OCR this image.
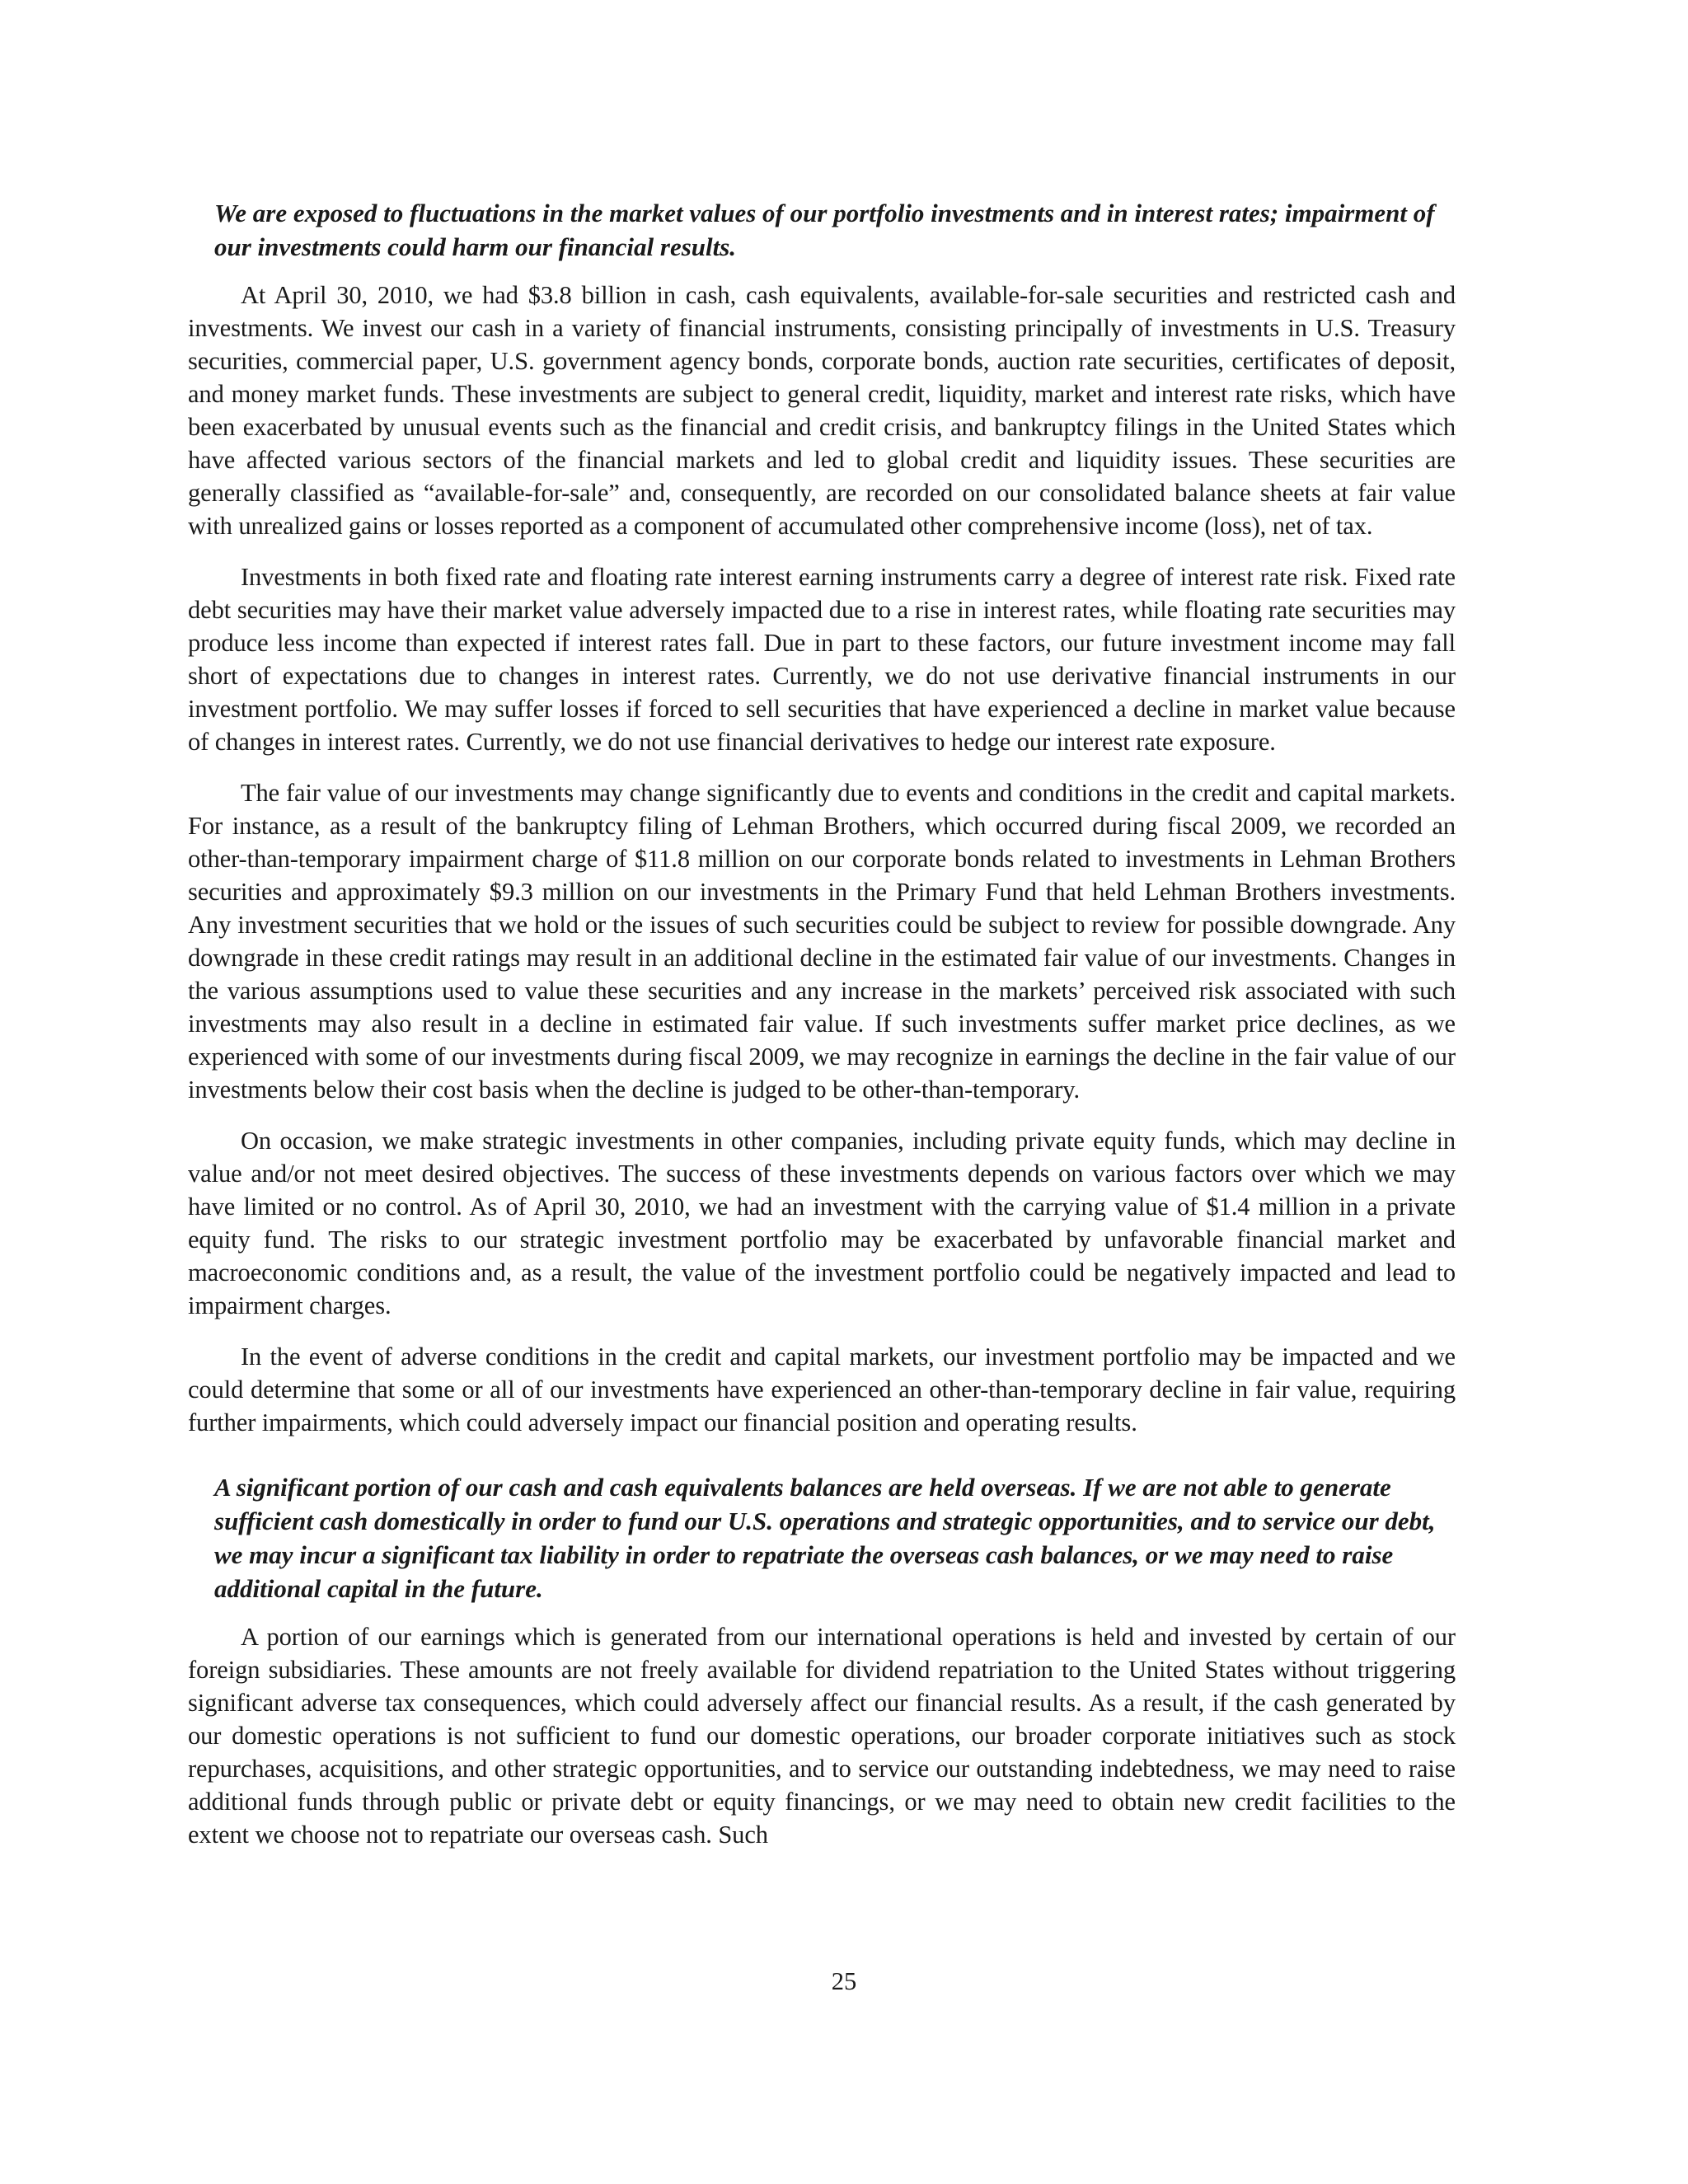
We are exposed to fluctuations in the market values of our portfolio investments and in interest rates; impairment of our investments could harm our financial results.

At April 30, 2010, we had $3.8 billion in cash, cash equivalents, available-for-sale securities and restricted cash and investments. We invest our cash in a variety of financial instruments, consisting principally of investments in U.S. Treasury securities, commercial paper, U.S. government agency bonds, corporate bonds, auction rate securities, certificates of deposit, and money market funds. These investments are subject to general credit, liquidity, market and interest rate risks, which have been exacerbated by unusual events such as the financial and credit crisis, and bankruptcy filings in the United States which have affected various sectors of the financial markets and led to global credit and liquidity issues. These securities are generally classified as “available-for-sale” and, consequently, are recorded on our consolidated balance sheets at fair value with unrealized gains or losses reported as a component of accumulated other comprehensive income (loss), net of tax.

Investments in both fixed rate and floating rate interest earning instruments carry a degree of interest rate risk. Fixed rate debt securities may have their market value adversely impacted due to a rise in interest rates, while floating rate securities may produce less income than expected if interest rates fall. Due in part to these factors, our future investment income may fall short of expectations due to changes in interest rates. Currently, we do not use derivative financial instruments in our investment portfolio. We may suffer losses if forced to sell securities that have experienced a decline in market value because of changes in interest rates. Currently, we do not use financial derivatives to hedge our interest rate exposure.

The fair value of our investments may change significantly due to events and conditions in the credit and capital markets. For instance, as a result of the bankruptcy filing of Lehman Brothers, which occurred during fiscal 2009, we recorded an other-than-temporary impairment charge of $11.8 million on our corporate bonds related to investments in Lehman Brothers securities and approximately $9.3 million on our investments in the Primary Fund that held Lehman Brothers investments. Any investment securities that we hold or the issues of such securities could be subject to review for possible downgrade. Any downgrade in these credit ratings may result in an additional decline in the estimated fair value of our investments. Changes in the various assumptions used to value these securities and any increase in the markets’ perceived risk associated with such investments may also result in a decline in estimated fair value. If such investments suffer market price declines, as we experienced with some of our investments during fiscal 2009, we may recognize in earnings the decline in the fair value of our investments below their cost basis when the decline is judged to be other-than-temporary.

On occasion, we make strategic investments in other companies, including private equity funds, which may decline in value and/or not meet desired objectives. The success of these investments depends on various factors over which we may have limited or no control. As of April 30, 2010, we had an investment with the carrying value of $1.4 million in a private equity fund. The risks to our strategic investment portfolio may be exacerbated by unfavorable financial market and macroeconomic conditions and, as a result, the value of the investment portfolio could be negatively impacted and lead to impairment charges.

In the event of adverse conditions in the credit and capital markets, our investment portfolio may be impacted and we could determine that some or all of our investments have experienced an other-than-temporary decline in fair value, requiring further impairments, which could adversely impact our financial position and operating results.

A significant portion of our cash and cash equivalents balances are held overseas. If we are not able to generate sufficient cash domestically in order to fund our U.S. operations and strategic opportunities, and to service our debt, we may incur a significant tax liability in order to repatriate the overseas cash balances, or we may need to raise additional capital in the future.

A portion of our earnings which is generated from our international operations is held and invested by certain of our foreign subsidiaries. These amounts are not freely available for dividend repatriation to the United States without triggering significant adverse tax consequences, which could adversely affect our financial results. As a result, if the cash generated by our domestic operations is not sufficient to fund our domestic operations, our broader corporate initiatives such as stock repurchases, acquisitions, and other strategic opportunities, and to service our outstanding indebtedness, we may need to raise additional funds through public or private debt or equity financings, or we may need to obtain new credit facilities to the extent we choose not to repatriate our overseas cash. Such

25
